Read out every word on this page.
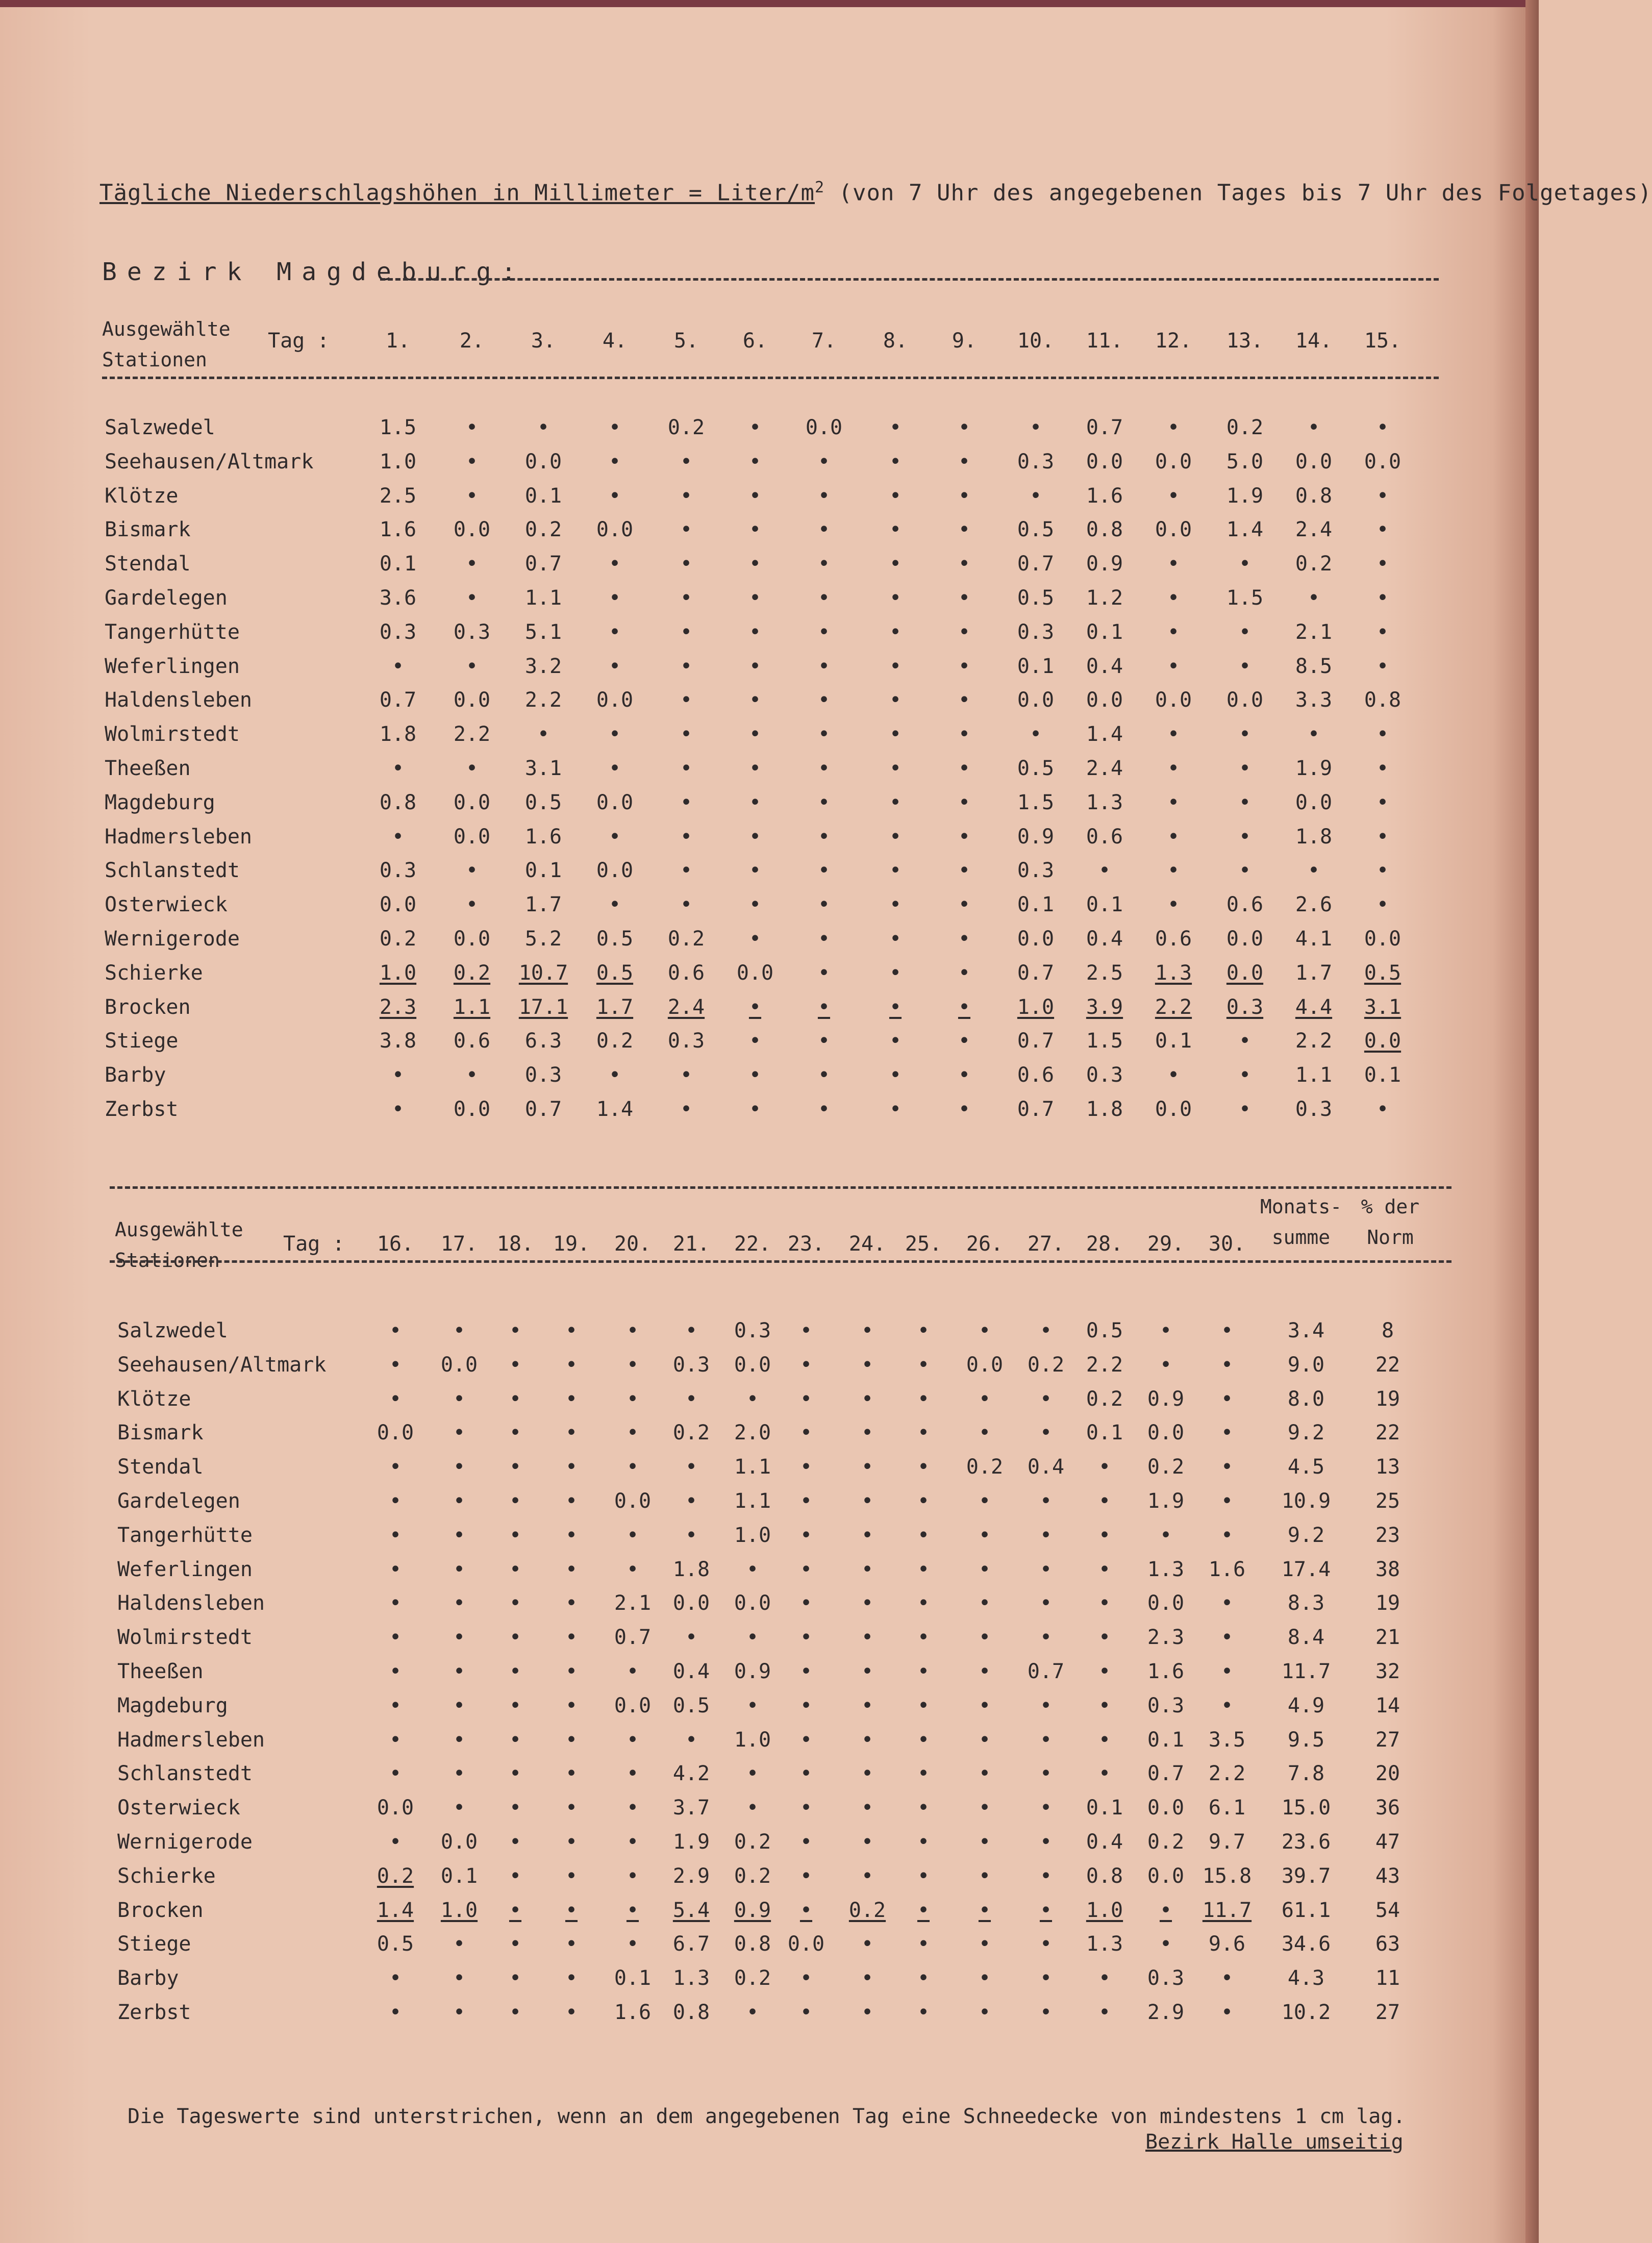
Tägliche Niederschlagshöhen in Millimeter = Liter/$m^2$ (von 7 Uhr des angegebenen Tages bis 7 Uhr des Folgetages)
Bezirk Magdeburg:
Ausgewählte
Stationen
Tag :	1.	2.	3.	4.	5.	6.	7.	8.	9.	10.	11.	12.	13.	14.	15.
Salzwedel	1.5	•	•	•	0.2	•	0.0	•	•	•	0.7	•	0.2	•	•
Seehausen/Altmark	1.0	•	0.0	•	•	•	•	•	•	0.3	0.0	0.0	5.0	0.0	0.0
Klötze	2.5	•	0.1	•	•	•	•	•	•	•	1.6	•	1.9	0.8	•
Bismark	1.6	0.0	0.2	0.0	•	•	•	•	•	0.5	0.8	0.0	1.4	2.4	•
Stendal	0.1	•	0.7	•	•	•	•	•	•	0.7	0.9	•	•	0.2	•
Gardelegen	3.6	•	1.1	•	•	•	•	•	•	0.5	1.2	•	1.5	•	•
Tangerhütte	0.3	0.3	5.1	•	•	•	•	•	•	0.3	0.1	•	•	2.1	•
Weferlingen	•	•	3.2	•	•	•	•	•	•	0.1	0.4	•	•	8.5	•
Haldensleben	0.7	0.0	2.2	0.0	•	•	•	•	•	0.0	0.0	0.0	0.0	3.3	0.8
Wolmirstedt	1.8	2.2	•	•	•	•	•	•	•	•	1.4	•	•	•	•
Theeßen	•	•	3.1	•	•	•	•	•	•	0.5	2.4	•	•	1.9	•
Magdeburg	0.8	0.0	0.5	0.0	•	•	•	•	•	1.5	1.3	•	•	0.0	•
Hadmersleben	•	0.0	1.6	•	•	•	•	•	•	0.9	0.6	•	•	1.8	•
Schlanstedt	0.3	•	0.1	0.0	•	•	•	•	•	0.3	•	•	•	•	•
Osterwieck	0.0	•	1.7	•	•	•	•	•	•	0.1	0.1	•	0.6	2.6	•
Wernigerode	0.2	0.0	5.2	0.5	0.2	•	•	•	•	0.0	0.4	0.6	0.0	4.1	0.0
Schierke	1.0	0.2	10.7	0.5	0.6	0.0	•	•	•	0.7	2.5	1.3	0.0	1.7	0.5
Brocken	2.3	1.1	17.1	1.7	2.4	•	•	•	•	1.0	3.9	2.2	0.3	4.4	3.1
Stiege	3.8	0.6	6.3	0.2	0.3	•	•	•	•	0.7	1.5	0.1	•	2.2	0.0
Barby	•	•	0.3	•	•	•	•	•	•	0.6	0.3	•	•	1.1	0.1
Zerbst	•	0.0	0.7	1.4	•	•	•	•	•	0.7	1.8	0.0	•	0.3	•
Ausgewählte
Stationen
Tag :	16.	17. 18. 19.	20.	21.	22. 23.	24. 25.	26.	27.	28.	29.	30.
Monats-
summe
% der
Norm
Salzwedel	•	•	•	•	•	•	0.3	•	•	•	•	•	0.5	•	•	3.4	8
Seehausen/Altmark	•	0.0	•	•	•	0.3	0.0	•	•	•	0.0	0.2	2.2	•	•	9.0	22
Klötze	•	•	•	•	•	•	•	•	•	•	•	•	0.2	0.9	•	8.0	19
Bismark	0.0	•	•	•	•	0.2	2.0	•	•	•	•	•	0.1	0.0	•	9.2	22
Stendal	•	•	•	•	•	•	1.1	•	•	•	0.2	0.4	•	0.2	•	4.5	13
Gardelegen	•	•	•	•	0.0	•	1.1	•	•	•	•	•	•	1.9	•	10.9	25
Tangerhütte	•	•	•	•	•	•	1.0	•	•	•	•	•	•	•	•	9.2	23
Weferlingen	•	•	•	•	•	1.8	•	•	•	•	•	•	•	1.3	1.6	17.4	38
Haldensleben	•	•	•	•	2.1	0.0	0.0	•	•	•	•	•	•	0.0	•	8.3	19
Wolmirstedt	•	•	•	•	0.7	•	•	•	•	•	•	•	•	2.3	•	8.4	21
Theeßen	•	•	•	•	•	0.4	0.9	•	•	•	•	0.7	•	1.6	•	11.7	32
Magdeburg	•	•	•	•	0.0	0.5	•	•	•	•	•	•	•	0.3	•	4.9	14
Hadmersleben	•	•	•	•	•	•	1.0	•	•	•	•	•	•	0.1	3.5	9.5	27
Schlanstedt	•	•	•	•	•	4.2	•	•	•	•	•	•	•	0.7	2.2	7.8	20
Osterwieck	0.0	•	•	•	•	3.7	•	•	•	•	•	•	0.1	0.0	6.1	15.0	36
Wernigerode	•	0.0	•	•	•	1.9	0.2	•	•	•	•	•	0.4	0.2	9.7	23.6	47
Schierke	0.2	0.1	•	•	•	2.9	0.2	•	•	•	•	•	0.8	0.0 15.8 39.7	43
Brocken	1.4	1.0	•	•	•	5.4	0.9	•	0.2	•	•	•	1.0	•	11.7 61.1	54
Stiege	0.5	•	•	•	•	6.7	0.8 0.0	•	•	•	•	1.3	•	9.6	34.6	63
Barby	•	•	•	•	0.1	1.3	0.2	•	•	•	•	•	•	0.3	•	4.3	11
Zerbst	•	•	•	•	1.6	0.8	•	•	•	•	•	•	•	2.9	•	10.2	27
Die Tageswerte sind unterstrichen, wenn an dem angegebenen Tag eine Schneedecke von mindestens 1 cm lag.
Bezirk Halle umseitig
